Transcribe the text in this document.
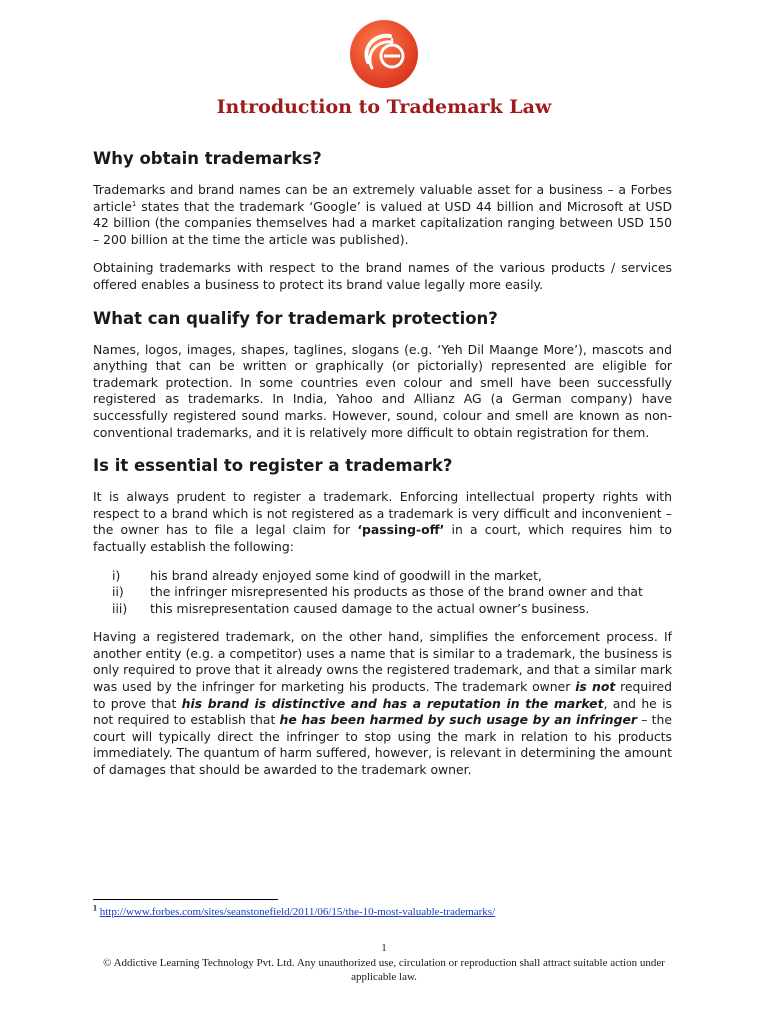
Introduction to Trademark Law
Why obtain trademarks?

Trademarks and brand names can be an extremely valuable asset for a business – a Forbes article$^1$ states that the trademark ‘Google’ is valued at USD 44 billion and Microsoft at USD 42 billion (the companies themselves had a market capitalization ranging between USD 150 – 200 billion at the time the article was published).

Obtaining trademarks with respect to the brand names of the various products / services offered enables a business to protect its brand value legally more easily.

What can qualify for trademark protection?

Names, logos, images, shapes, taglines, slogans (e.g. ‘Yeh Dil Maange More’), mascots and anything that can be written or graphically (or pictorially) represented are eligible for trademark protection. In some countries even colour and smell have been successfully registered as trademarks. In India, Yahoo and Allianz AG (a German company) have successfully registered sound marks. However, sound, colour and smell are known as non-conventional trademarks, and it is relatively more difficult to obtain registration for them.

Is it essential to register a trademark?

It is always prudent to register a trademark. Enforcing intellectual property rights with respect to a brand which is not registered as a trademark is very difficult and inconvenient – the owner has to file a legal claim for ‘passing-off’ in a court, which requires him to factually establish the following:

i)	his brand already enjoyed some kind of goodwill in the market,
ii)	the infringer misrepresented his products as those of the brand owner and that
iii)	this misrepresentation caused damage to the actual owner’s business.

Having a registered trademark, on the other hand, simplifies the enforcement process. If another entity (e.g. a competitor) uses a name that is similar to a trademark, the business is only required to prove that it already owns the registered trademark, and that a similar mark was used by the infringer for marketing his products. The trademark owner is not required to prove that his brand is distinctive and has a reputation in the market, and he is not required to establish that he has been harmed by such usage by an infringer – the court will typically direct the infringer to stop using the mark in relation to his products immediately. The quantum of harm suffered, however, is relevant in determining the amount of damages that should be awarded to the trademark owner.

$^1$ http://www.forbes.com/sites/seanstonefield/2011/06/15/the-10-most-valuable-trademarks/
1
© Addictive Learning Technology Pvt. Ltd. Any unauthorized use, circulation or reproduction shall attract suitable action under applicable law.
